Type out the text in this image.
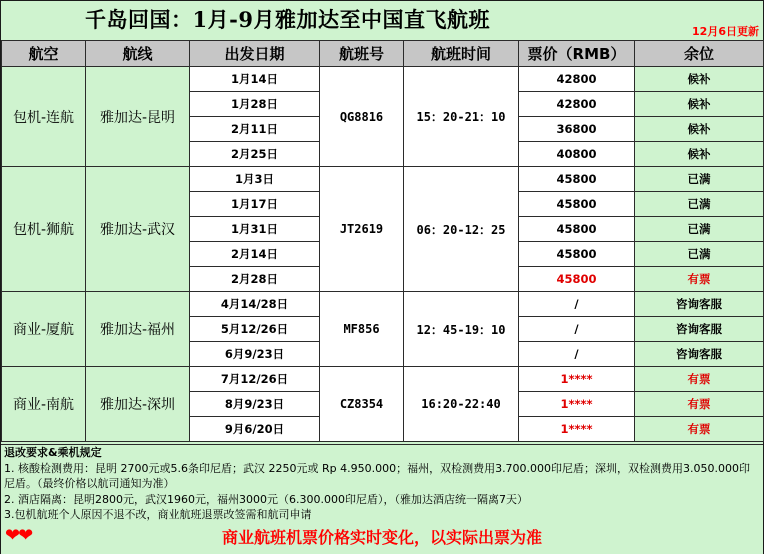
千岛回国：1月-9月雅加达至中国直飞航班	12月6日更新
航空	航线	出发日期	航班号	航班时间	票价（RMB）	余位
包机-连航	雅加达-昆明	1月14日	QG8816	15：20-21：10	42800	候补
		1月28日			42800	候补
		2月11日			36800	候补
		2月25日			40800	候补
包机-狮航	雅加达-武汉	1月3日	JT2619	06：20-12：25	45800	已满
		1月17日			45800	已满
		1月31日			45800	已满
		2月14日			45800	已满
		2月28日			45800	有票
商业-厦航	雅加达-福州	4月14/28日	MF856	12：45-19：10	/	咨询客服
		5月12/26日			/	咨询客服
		6月9/23日			/	咨询客服
商业-南航	雅加达-深圳	7月12/26日	CZ8354	16:20-22:40	1****	有票
		8月9/23日			1****	有票
		9月6/20日			1****	有票
退改要求&乘机规定
1. 核酸检测费用：昆明 2700元或5.6条印尼盾；武汉 2250元或 Rp 4.950.000；福州，双检测费用3.700.000印尼盾；深圳，双检测费用3.050.000印尼盾。（最终价格以航司通知为准）
2. 酒店隔离：昆明2800元，武汉1960元，福州3000元（6.300.000印尼盾），（雅加达酒店统一隔离7天）
3.包机航班个人原因不退不改，商业航班退票改签需和航司申请
❤❤	商业航班机票价格实时变化，以实际出票为准
